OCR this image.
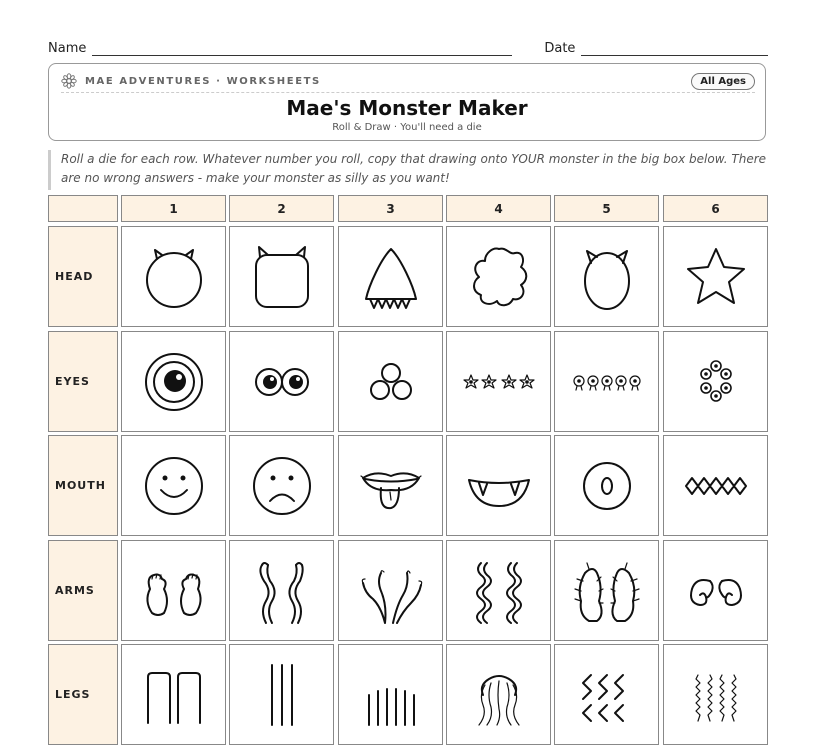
Name	Date
MAE ADVENTURES · WORKSHEETS	All Ages
Mae's Monster Maker
Roll & Draw · You'll need a die
Roll a die for each row. Whatever number you roll, copy that drawing onto YOUR monster in the big box below. There are no wrong answers - make your monster as silly as you want!
1	2	3	4	5	6
HEAD
EYES
MOUTH
ARMS
LEGS
